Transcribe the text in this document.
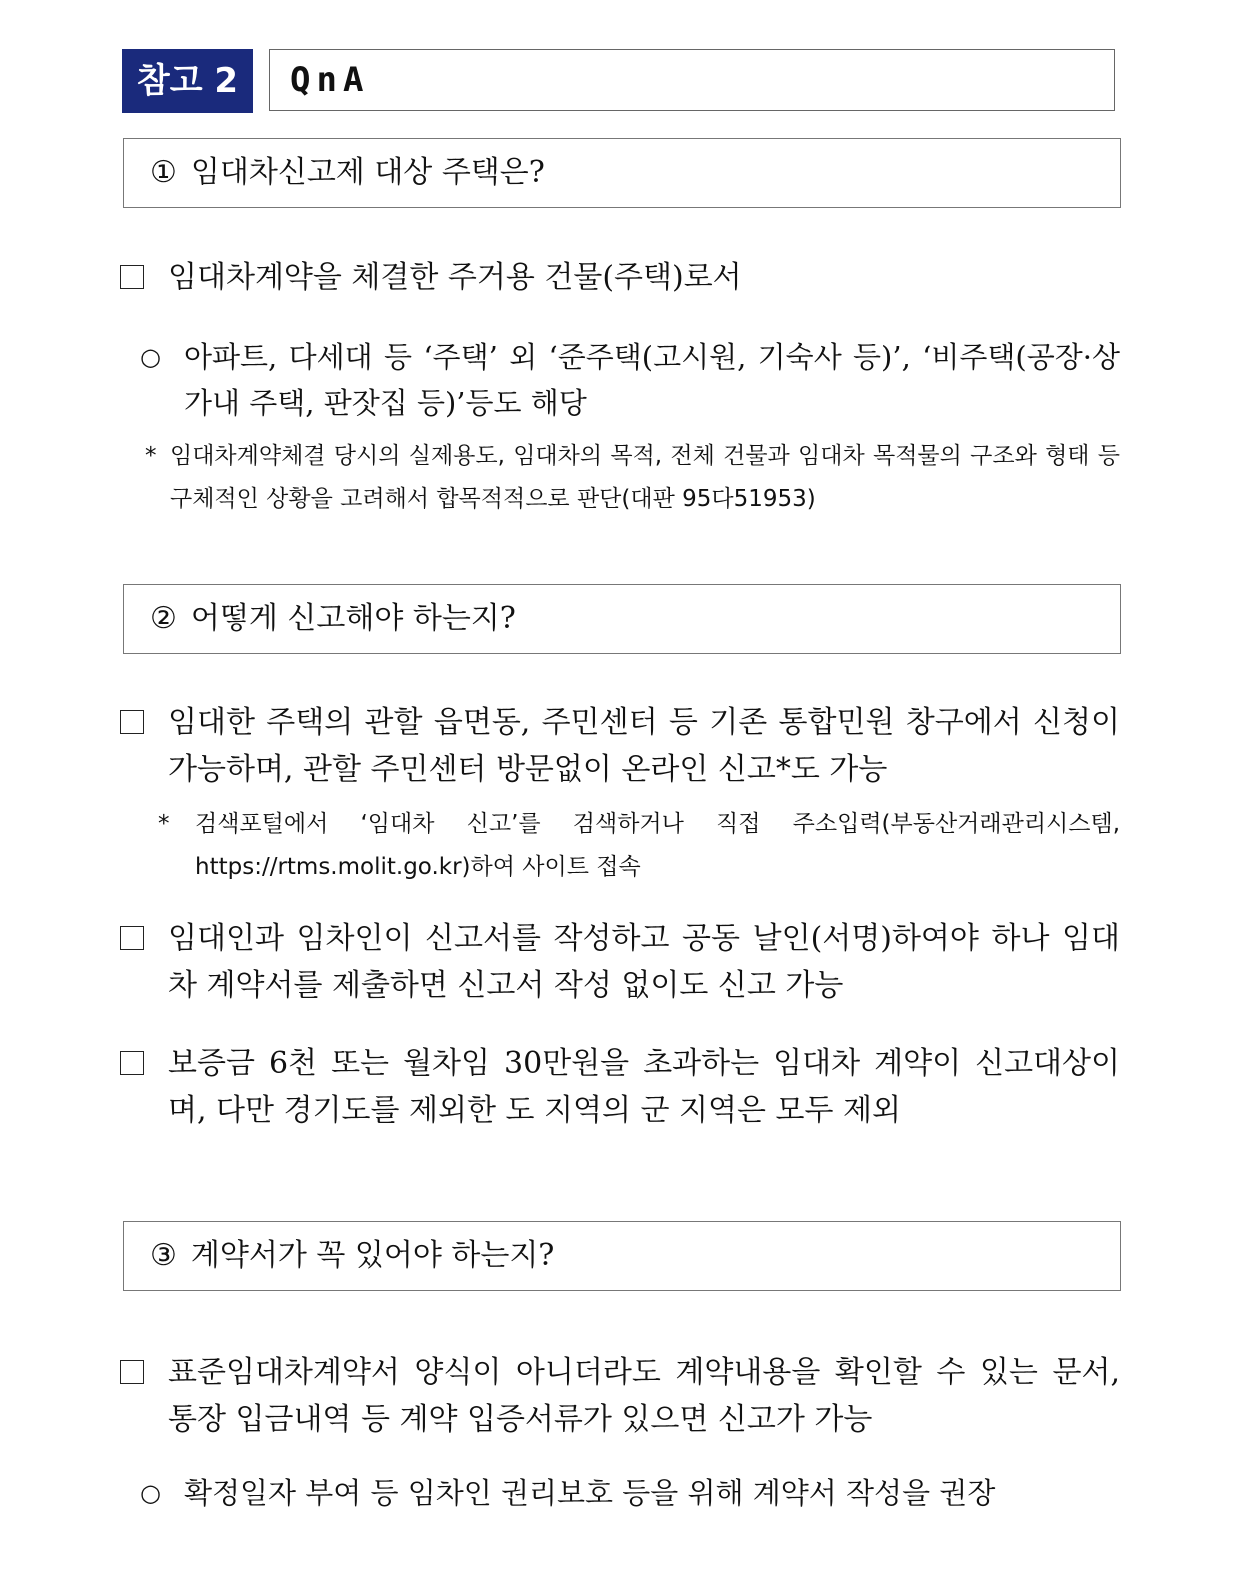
참고 2	QnA
① 임대차신고제 대상 주택은?
임대차계약을 체결한 주거용 건물(주택)로서
○ 아파트, 다세대 등 ‘주택’ 외 ‘준주택(고시원, 기숙사 등)’, ‘비주택(공장·상가내 주택, 판잣집 등)’등도 해당
* 임대차계약체결 당시의 실제용도, 임대차의 목적, 전체 건물과 임대차 목적물의 구조와 형태 등 구체적인 상황을 고려해서 합목적적으로 판단(대판 95다51953)
② 어떻게 신고해야 하는지?
임대한 주택의 관할 읍면동, 주민센터 등 기존 통합민원 창구에서 신청이 가능하며, 관할 주민센터 방문없이 온라인 신고*도 가능
* 검색포털에서 ‘임대차 신고’를 검색하거나 직접 주소입력(부동산거래관리시스템, https://rtms.molit.go.kr)하여 사이트 접속
임대인과 임차인이 신고서를 작성하고 공동 날인(서명)하여야 하나 임대차 계약서를 제출하면 신고서 작성 없이도 신고 가능
보증금 6천 또는 월차임 30만원을 초과하는 임대차 계약이 신고대상이며, 다만 경기도를 제외한 도 지역의 군 지역은 모두 제외
③ 계약서가 꼭 있어야 하는지?
표준임대차계약서 양식이 아니더라도 계약내용을 확인할 수 있는 문서, 통장 입금내역 등 계약 입증서류가 있으면 신고가 가능
○ 확정일자 부여 등 임차인 권리보호 등을 위해 계약서 작성을 권장
